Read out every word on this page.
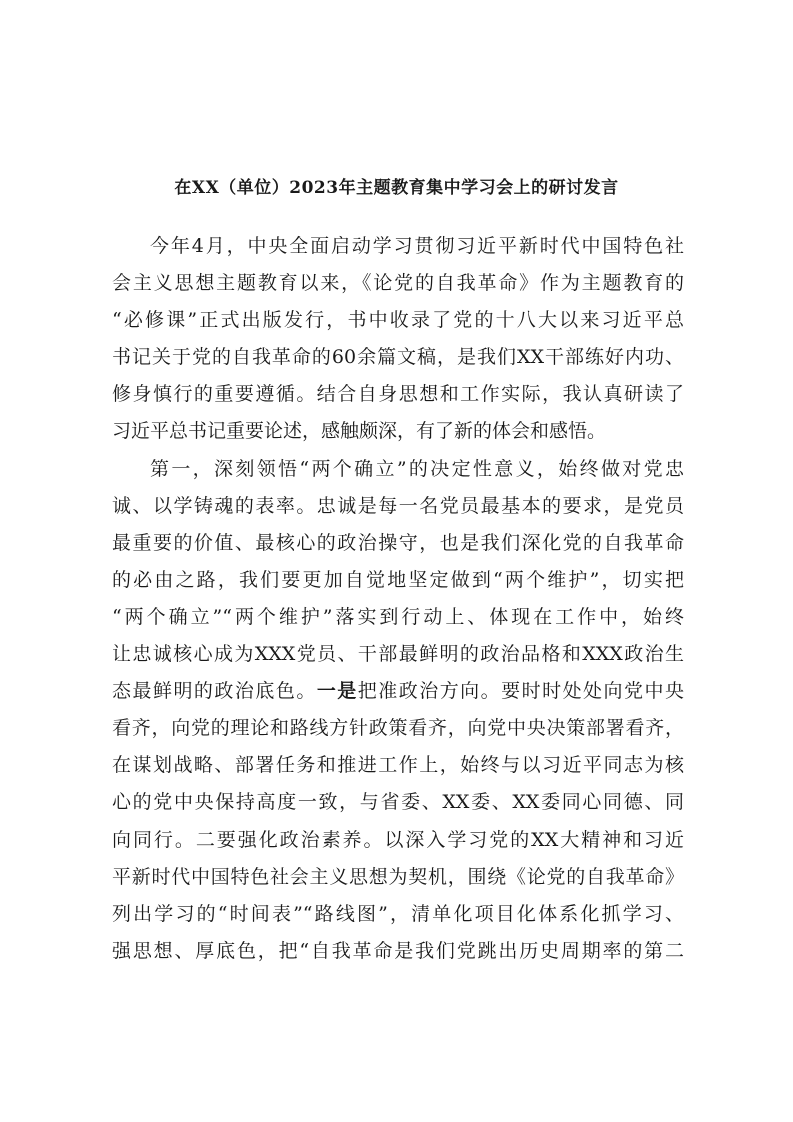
在XX（单位）2023年主题教育集中学习会上的研讨发言
今年4月，中央全面启动学习贯彻习近平新时代中国特色社
会主义思想主题教育以来，《论党的自我革命》作为主题教育的
“必修课”正式出版发行，书中收录了党的十八大以来习近平总
书记关于党的自我革命的60余篇文稿，是我们XX干部练好内功、
修身慎行的重要遵循。结合自身思想和工作实际，我认真研读了
习近平总书记重要论述，感触颇深，有了新的体会和感悟。
第一，深刻领悟“两个确立”的决定性意义，始终做对党忠
诚、以学铸魂的表率。忠诚是每一名党员最基本的要求，是党员
最重要的价值、最核心的政治操守，也是我们深化党的自我革命
的必由之路，我们要更加自觉地坚定做到“两个维护”，切实把
“两个确立”“两个维护”落实到行动上、体现在工作中，始终
让忠诚核心成为XXX党员、干部最鲜明的政治品格和XXX政治生
态最鲜明的政治底色。一是把准政治方向。要时时处处向党中央
看齐，向党的理论和路线方针政策看齐，向党中央决策部署看齐，
在谋划战略、部署任务和推进工作上，始终与以习近平同志为核
心的党中央保持高度一致，与省委、XX委、XX委同心同德、同
向同行。二要强化政治素养。以深入学习党的XX大精神和习近
平新时代中国特色社会主义思想为契机，围绕《论党的自我革命》
列出学习的“时间表”“路线图”，清单化项目化体系化抓学习、
强思想、厚底色，把“自我革命是我们党跳出历史周期率的第二
